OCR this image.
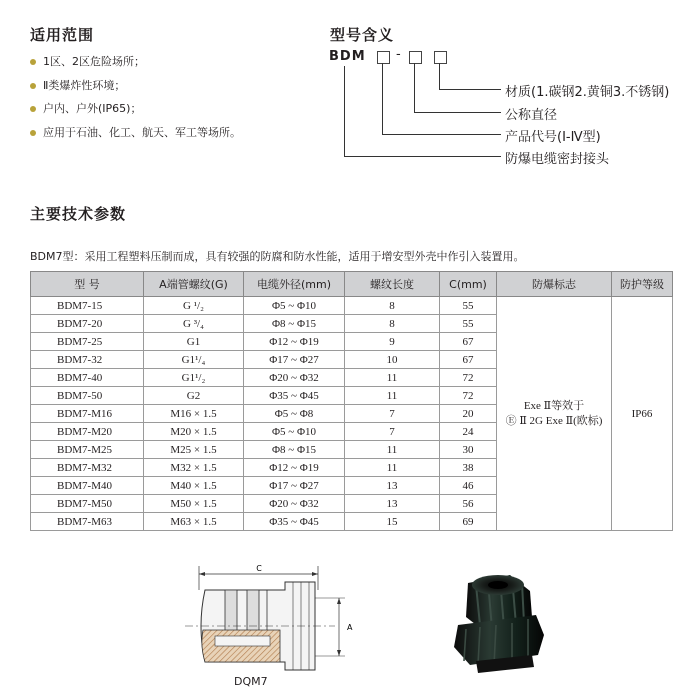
适用范围
1区、2区危险场所；
Ⅱ类爆炸性环境；
户内、户外(IP65)；
应用于石油、化工、航天、军工等场所。
型号含义
BDM -
材质(1.碳钢2.黄铜3.不锈钢)
公称直径
产品代号(Ⅰ-Ⅳ型)
防爆电缆密封接头
主要技术参数
BDM7型：采用工程塑料压制而成，具有较强的防腐和防水性能，适用于增安型外壳中作引入装置用。
型 号	A端管螺纹(G)	电缆外径(mm)	螺纹长度	C(mm)	防爆标志	防护等级
BDM7-15	G ¹/₂	Φ5 ~ Φ10	8	55	Exe Ⅱ等效于
Ⓔ Ⅱ 2G Exe Ⅱ(欧标)	IP66
BDM7-20	G ³/₄	Φ8 ~ Φ15	8	55		
BDM7-25	G1	Φ12 ~ Φ19	9	67		
BDM7-32	G1¹/₄	Φ17 ~ Φ27	10	67		
BDM7-40	G1¹/₂	Φ20 ~ Φ32	11	72		
BDM7-50	G2	Φ35 ~ Φ45	11	72		
BDM7-M16	M16 × 1.5	Φ5 ~ Φ8	7	20		
BDM7-M20	M20 × 1.5	Φ5 ~ Φ10	7	24		
BDM7-M25	M25 × 1.5	Φ8 ~ Φ15	11	30		
BDM7-M32	M32 × 1.5	Φ12 ~ Φ19	11	38		
BDM7-M40	M40 × 1.5	Φ17 ~ Φ27	13	46		
BDM7-M50	M50 × 1.5	Φ20 ~ Φ32	13	56		
BDM7-M63	M63 × 1.5	Φ35 ~ Φ45	15	69		
C
A
DQM7
